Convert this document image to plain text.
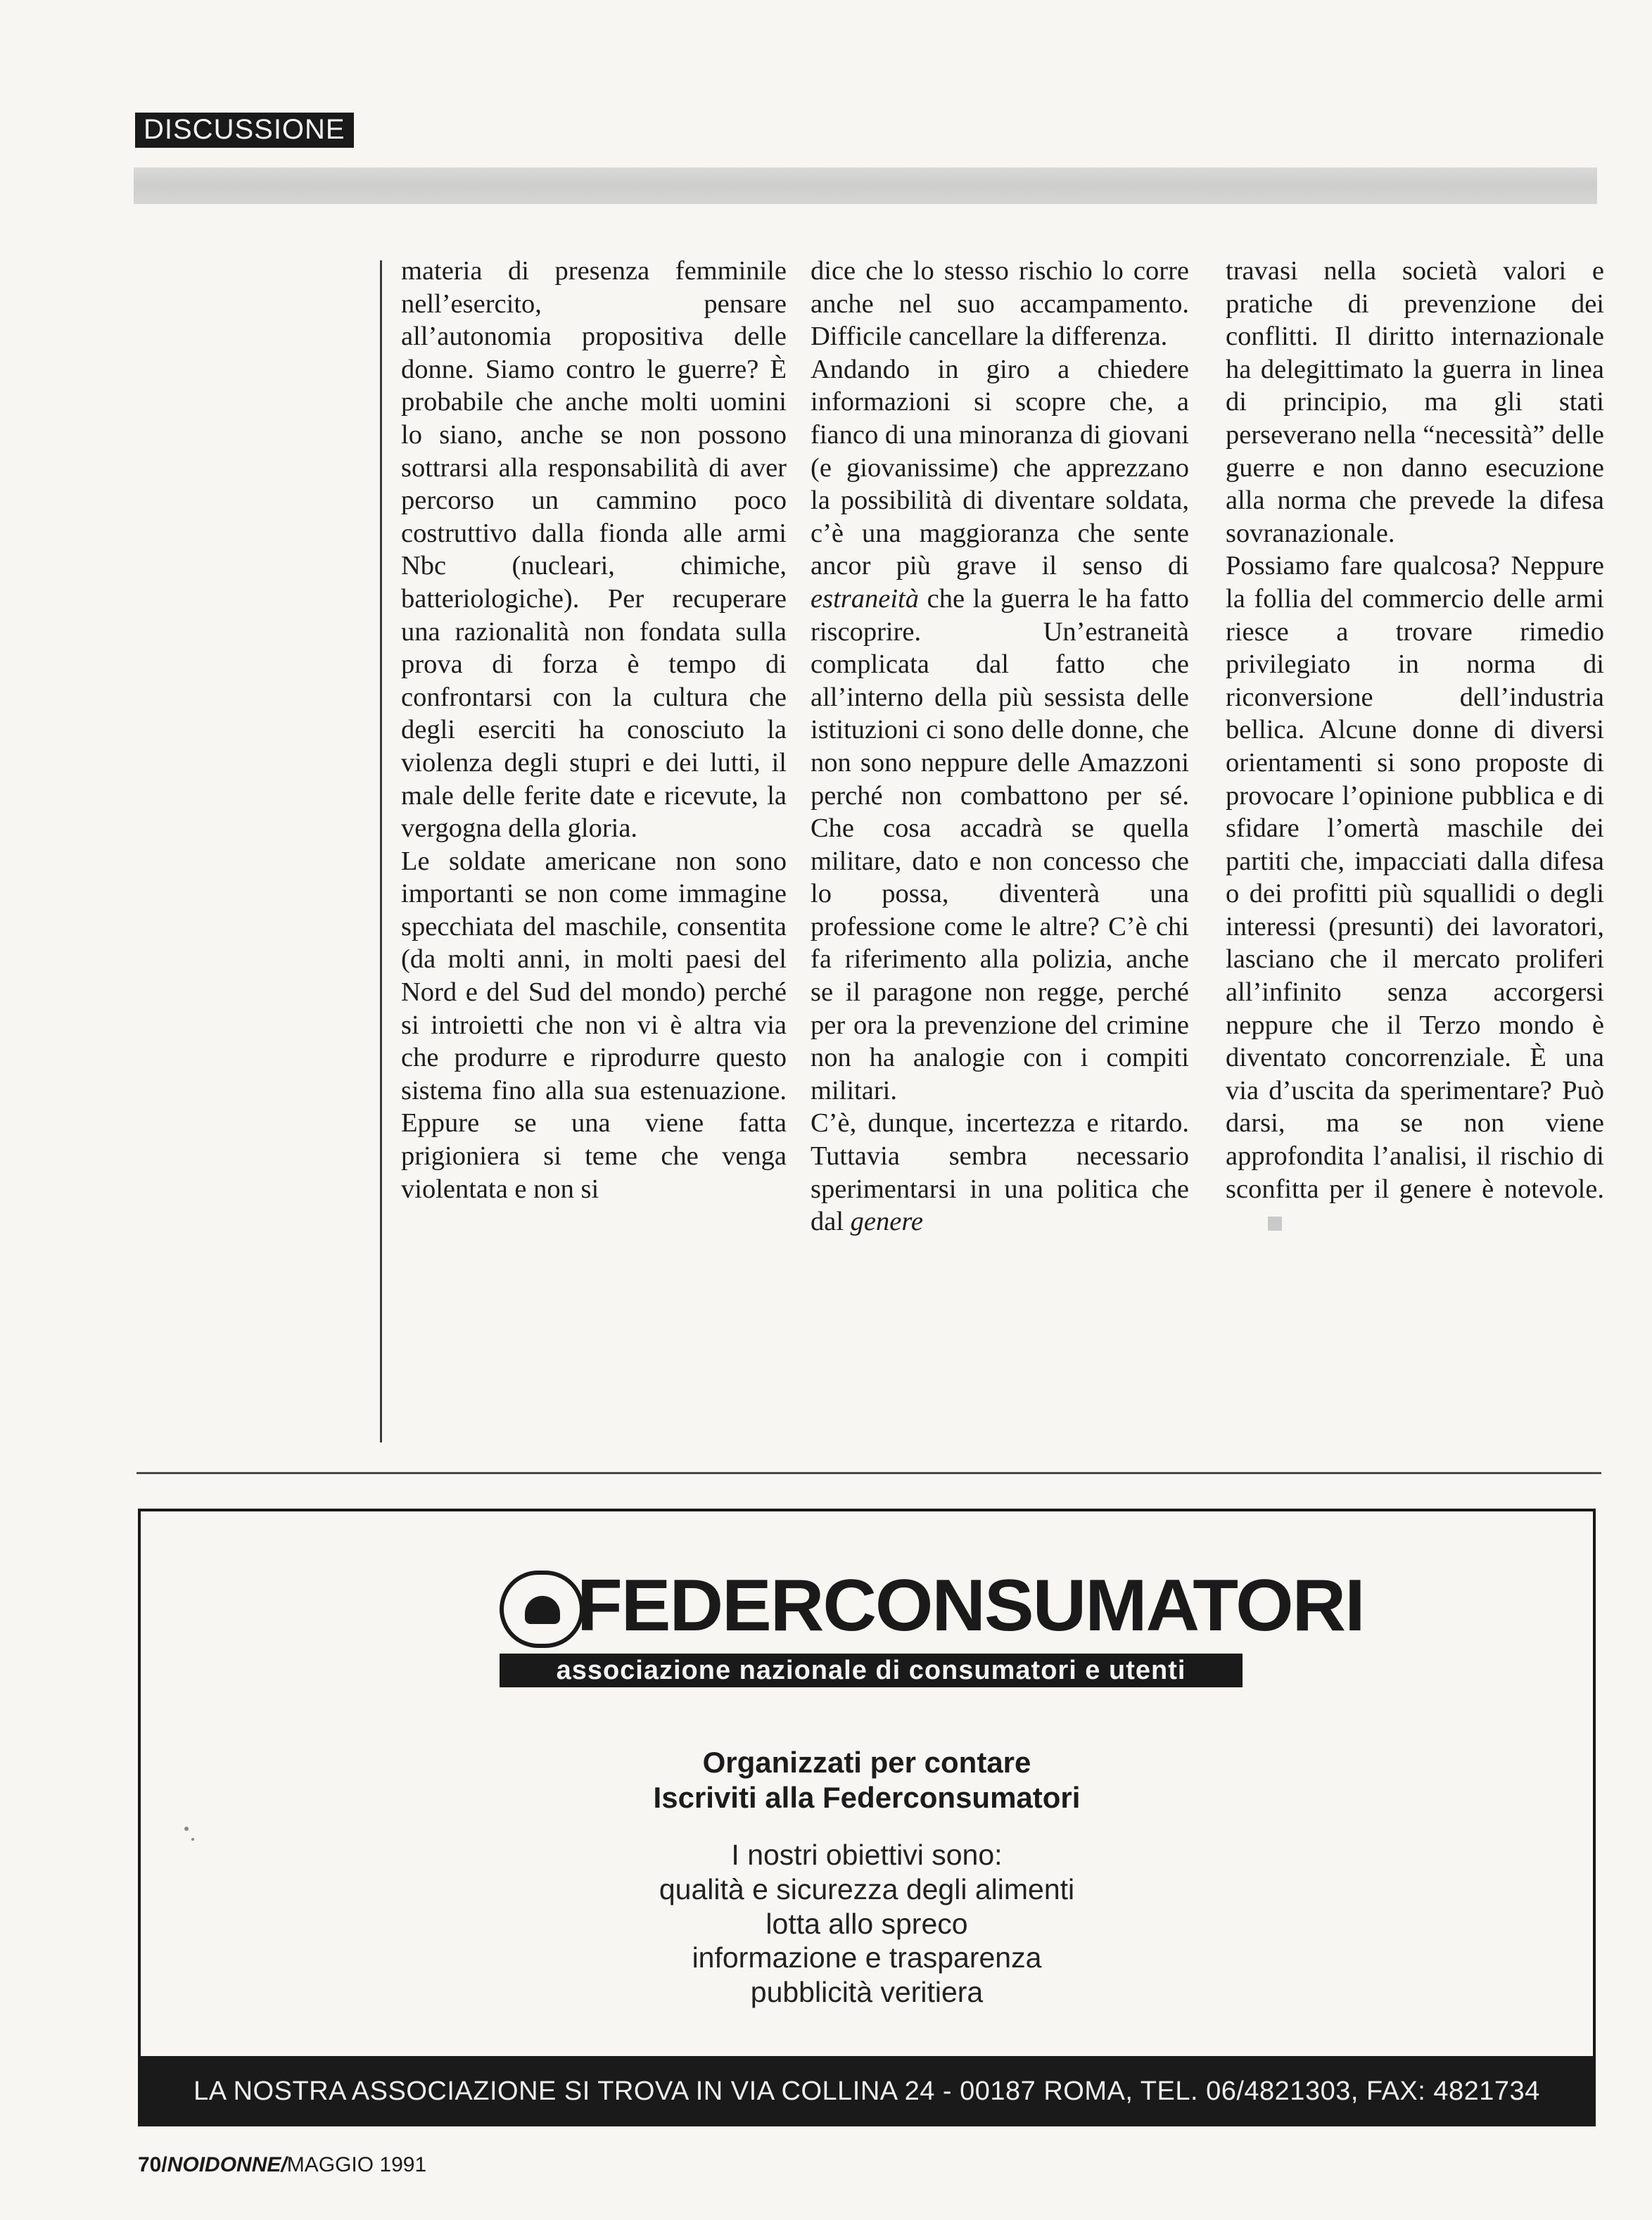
DISCUSSIONE

materia di presenza femminile nell’esercito, pensare all’autonomia propositiva delle donne. Siamo contro le guerre? È probabile che anche molti uomini lo siano, anche se non possono sottrarsi alla responsabilità di aver percorso un cammino poco costruttivo dalla fionda alle armi Nbc (nucleari, chimiche, batteriologiche). Per recuperare una razionalità non fondata sulla prova di forza è tempo di confrontarsi con la cultura che degli eserciti ha conosciuto la violenza degli stupri e dei lutti, il male delle ferite date e ricevute, la vergogna della gloria.

Le soldate americane non sono importanti se non come immagine specchiata del maschile, consentita (da molti anni, in molti paesi del Nord e del Sud del mondo) perché si introietti che non vi è altra via che produrre e riprodurre questo sistema fino alla sua estenuazione. Eppure se una viene fatta prigioniera si teme che venga violentata e non si

dice che lo stesso rischio lo corre anche nel suo accampamento. Difficile cancellare la differenza.

Andando in giro a chiedere informazioni si scopre che, a fianco di una minoranza di giovani (e giovanissime) che apprezzano la possibilità di diventare soldata, c’è una maggioranza che sente ancor più grave il senso di estraneità che la guerra le ha fatto riscoprire. Un’estraneità complicata dal fatto che all’interno della più sessista delle istituzioni ci sono delle donne, che non sono neppure delle Amazzoni perché non combattono per sé. Che cosa accadrà se quella militare, dato e non concesso che lo possa, diventerà una professione come le altre? C’è chi fa riferimento alla polizia, anche se il paragone non regge, perché per ora la prevenzione del crimine non ha analogie con i compiti militari.

C’è, dunque, incertezza e ritardo. Tuttavia sembra necessario sperimentarsi in una politica che dal genere

travasi nella società valori e pratiche di prevenzione dei conflitti. Il diritto internazionale ha delegittimato la guerra in linea di principio, ma gli stati perseverano nella “necessità” delle guerre e non danno esecuzione alla norma che prevede la difesa sovranazionale.

Possiamo fare qualcosa? Neppure la follia del commercio delle armi riesce a trovare rimedio privilegiato in norma di riconversione dell’industria bellica. Alcune donne di diversi orientamenti si sono proposte di provocare l’opinione pubblica e di sfidare l’omertà maschile dei partiti che, impacciati dalla difesa o dei profitti più squallidi o degli interessi (presunti) dei lavoratori, lasciano che il mercato proliferi all’infinito senza accorgersi neppure che il Terzo mondo è diventato concorrenziale. È una via d’uscita da sperimentare? Può darsi, ma se non viene approfondita l’analisi, il rischio di sconfitta per il genere è notevole.

FEDERCONSUMATORI
associazione nazionale di consumatori e utenti
Organizzati per contare
Iscriviti alla Federconsumatori
I nostri obiettivi sono:
qualità e sicurezza degli alimenti
lotta allo spreco
informazione e trasparenza
pubblicità veritiera
LA NOSTRA ASSOCIAZIONE SI TROVA IN VIA COLLINA 24 - 00187 ROMA, TEL. 06/4821303, FAX: 4821734
70/NOIDONNE/MAGGIO 1991
